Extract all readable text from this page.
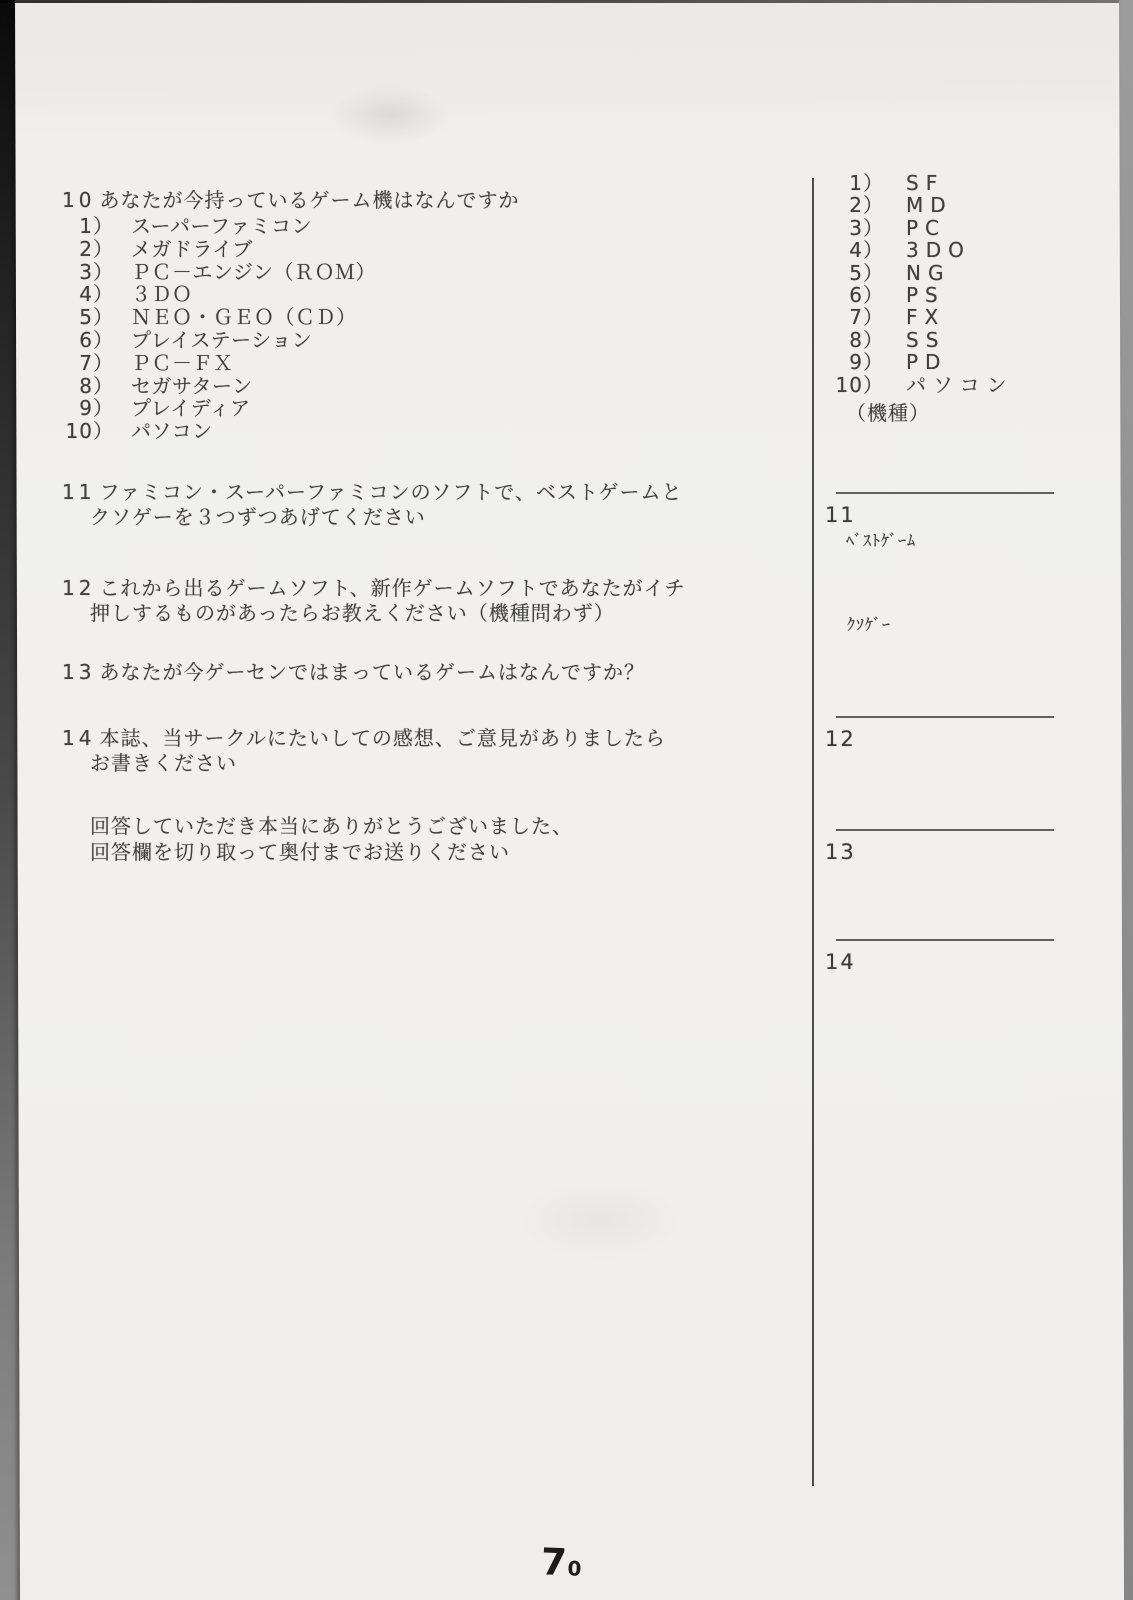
10 あなたが今持っているゲーム機はなんですか
1） スーパーファミコン
2） メガドライブ
3） ＰＣ－エンジン（ＲＯＭ）
4） ３ＤＯ
5） ＮＥＯ・ＧＥＯ（ＣＤ）
6） プレイステーション
7） ＰＣ－ＦＸ
8） セガサターン
9） プレイディア
10） パソコン
11 ファミコン・スーパーファミコンのソフトで、ベストゲームと
クソゲーを３つずつあげてください
12 これから出るゲームソフト、新作ゲームソフトであなたがイチ
押しするものがあったらお教えください（機種問わず）
13 あなたが今ゲーセンではまっているゲームはなんですか？
14 本誌、当サークルにたいしての感想、ご意見がありましたら
お書きください
回答していただき本当にありがとうございました、
回答欄を切り取って奥付までお送りください
1） SF
2） MD
3） PC
4） 3DO
5） NG
6） PS
7） FX
8） SS
9） PD
10） パソコン
（機種）
11
ﾍﾞｽﾄｹﾞｰﾑ
ｸｿｹﾞｰ
12
13
14
70
